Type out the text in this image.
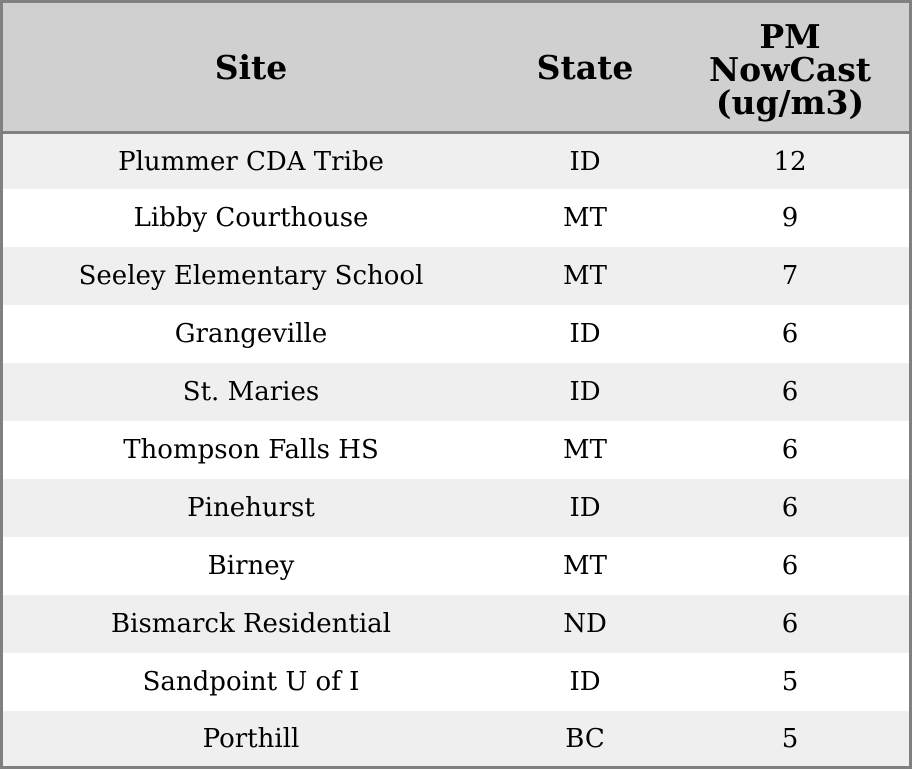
Site	State	PM
NowCast
(ug/m3)
Plummer CDA Tribe	ID	12
Libby Courthouse	MT	9
Seeley Elementary School	MT	7
Grangeville	ID	6
St. Maries	ID	6
Thompson Falls HS	MT	6
Pinehurst	ID	6
Birney	MT	6
Bismarck Residential	ND	6
Sandpoint U of I	ID	5
Porthill	BC	5
